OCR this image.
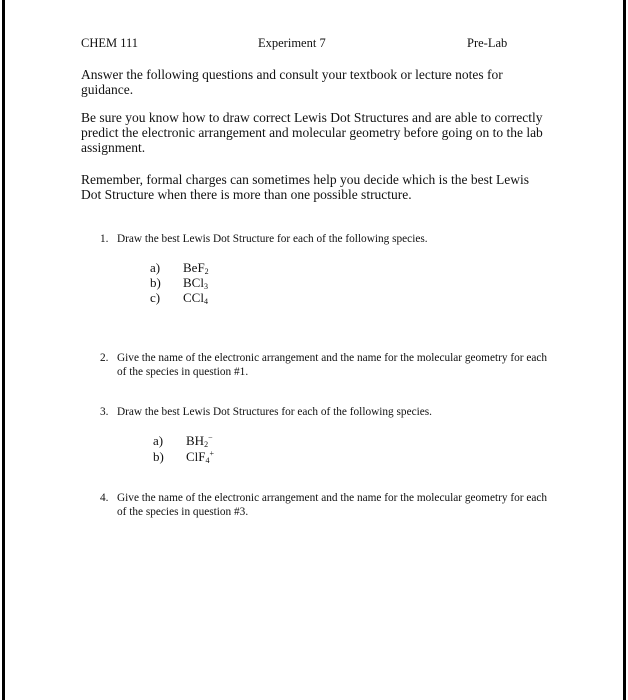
CHEM 111	Experiment 7	Pre-Lab

Answer the following questions and consult your textbook or lecture notes for guidance.

Be sure you know how to draw correct Lewis Dot Structures and are able to correctly predict the electronic arrangement and molecular geometry before going on to the lab assignment.

Remember, formal charges can sometimes help you decide which is the best Lewis Dot Structure when there is more than one possible structure.

1. Draw the best Lewis Dot Structure for each of the following species.
a) BeF$_2$
b) BCl$_3$
c) CCl$_4$
2. Give the name of the electronic arrangement and the name for the molecular geometry for each of the species in question #1.
3. Draw the best Lewis Dot Structures for each of the following species.
a) $BH_2^-$
b) ClF$_4$+
4. Give the name of the electronic arrangement and the name for the molecular geometry for each of the species in question #3.
